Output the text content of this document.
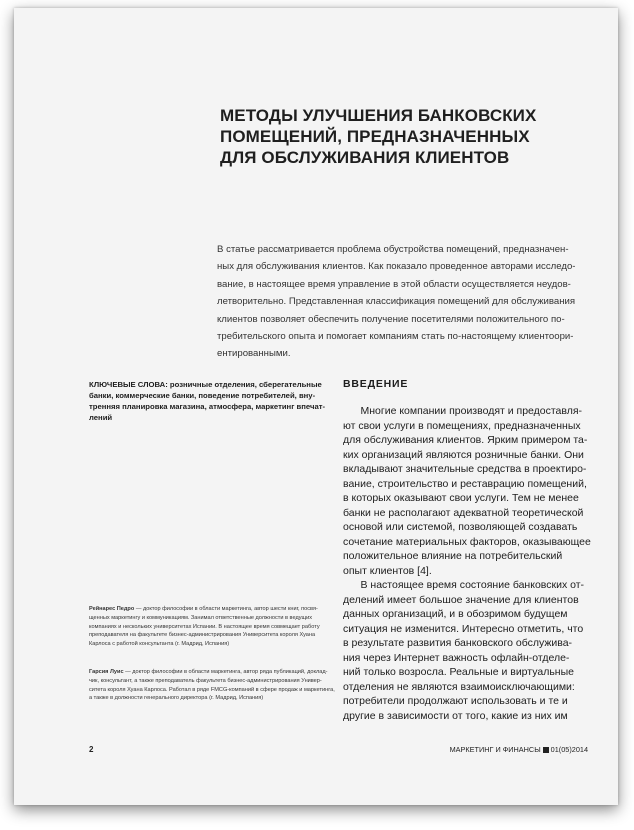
МЕТОДЫ УЛУЧШЕНИЯ БАНКОВСКИХ
ПОМЕЩЕНИЙ, ПРЕДНАЗНАЧЕННЫХ
ДЛЯ ОБСЛУЖИВАНИЯ КЛИЕНТОВ

В статье рассматривается проблема обустройства помещений, предназначен-
ных для обслуживания клиентов. Как показало проведенное авторами исследо-
вание, в настоящее время управление в этой области осуществляется неудов-
летворительно. Представленная классификация помещений для обслуживания
клиентов позволяет обеспечить получение посетителями положительного по-
требительского опыта и помогает компаниям стать по-настоящему клиентоори-
ентированными.

КЛЮЧЕВЫЕ СЛОВА: розничные отделения, сберегательные
банки, коммерческие банки, поведение потребителей, вну-
тренняя планировка магазина, атмосфера, маркетинг впечат-
лений
ВВЕДЕНИЕ

Многие компании производят и предоставля-
ют свои услуги в помещениях, предназначенных
для обслуживания клиентов. Ярким примером та-
ких организаций являются розничные банки. Они
вкладывают значительные средства в проектиро-
вание, строительство и реставрацию помещений,
в которых оказывают свои услуги. Тем не менее
банки не располагают адекватной теоретической
основой или системой, позволяющей создавать
сочетание материальных факторов, оказывающее
положительное влияние на потребительский
опыт клиентов [4].
В настоящее время состояние банковских от-
делений имеет большое значение для клиентов
данных организаций, и в обозримом будущем
ситуация не изменится. Интересно отметить, что
в результате развития банковского обслужива-
ния через Интернет важность офлайн-отделе-
ний только возросла. Реальные и виртуальные
отделения не являются взаимоисключающими:
потребители продолжают использовать и те и
другие в зависимости от того, какие из них им

Рейнарес Педро — доктор философии в области маркетинга, автор шести книг, посвя-
щенных маркетингу и коммуникациям. Занимал ответственные должности в ведущих
компаниях и нескольких университетах Испании. В настоящее время совмещает работу
преподавателя на факультете бизнес-администрирования Университета короля Хуана
Карлоса с работой консультанта (г. Мадрид, Испания)
Гарсия Луис — доктор философии в области маркетинга, автор ряда публикаций, доклад-
чик, консультант, а также преподаватель факультета бизнес-администрирования Универ-
ситета короля Хуана Карлоса. Работал в ряде FMCG-компаний в сфере продаж и маркетинга,
а также в должности генерального директора (г. Мадрид, Испания)
2	МАРКЕТИНГ И ФИНАНСЫ 01(05)2014
